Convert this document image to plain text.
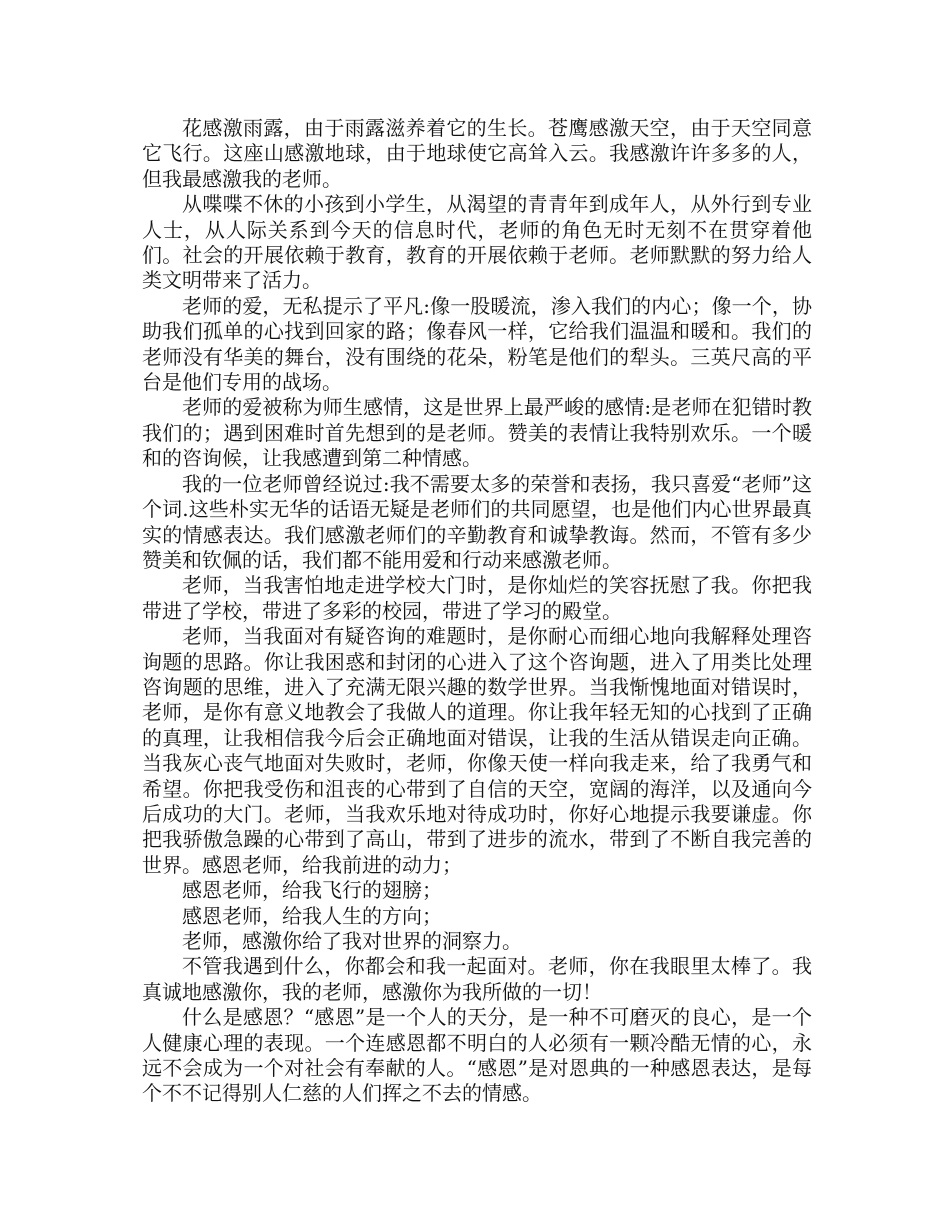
花感激雨露，由于雨露滋养着它的生长。苍鹰感激天空，由于天空同意它飞行。这座山感激地球，由于地球使它高耸入云。我感激许许多多的人，但我最感激我的老师。

从喋喋不休的小孩到小学生，从渴望的青青年到成年人，从外行到专业人士，从人际关系到今天的信息时代，老师的角色无时无刻不在贯穿着他们。社会的开展依赖于教育，教育的开展依赖于老师。老师默默的努力给人类文明带来了活力。

老师的爱，无私提示了平凡:像一股暖流，渗入我们的内心；像一个，协助我们孤单的心找到回家的路；像春风一样，它给我们温温和暖和。我们的老师没有华美的舞台，没有围绕的花朵，粉笔是他们的犁头。三英尺高的平台是他们专用的战场。

老师的爱被称为师生感情，这是世界上最严峻的感情:是老师在犯错时教我们的；遇到困难时首先想到的是老师。赞美的表情让我特别欢乐。一个暖和的咨询候，让我感遭到第二种情感。

我的一位老师曾经说过:我不需要太多的荣誉和表扬，我只喜爱“老师”这个词.这些朴实无华的话语无疑是老师们的共同愿望，也是他们内心世界最真实的情感表达。我们感激老师们的辛勤教育和诚挚教诲。然而，不管有多少赞美和钦佩的话，我们都不能用爱和行动来感激老师。

老师，当我害怕地走进学校大门时，是你灿烂的笑容抚慰了我。你把我带进了学校，带进了多彩的校园，带进了学习的殿堂。

老师，当我面对有疑咨询的难题时，是你耐心而细心地向我解释处理咨询题的思路。你让我困惑和封闭的心进入了这个咨询题，进入了用类比处理咨询题的思维，进入了充满无限兴趣的数学世界。当我惭愧地面对错误时，老师，是你有意义地教会了我做人的道理。你让我年轻无知的心找到了正确的真理，让我相信我今后会正确地面对错误，让我的生活从错误走向正确。当我灰心丧气地面对失败时，老师，你像天使一样向我走来，给了我勇气和希望。你把我受伤和沮丧的心带到了自信的天空，宽阔的海洋，以及通向今后成功的大门。老师，当我欢乐地对待成功时，你好心地提示我要谦虚。你把我骄傲急躁的心带到了高山，带到了进步的流水，带到了不断自我完善的世界。感恩老师，给我前进的动力；

感恩老师，给我飞行的翅膀；

感恩老师，给我人生的方向；

老师，感激你给了我对世界的洞察力。

不管我遇到什么，你都会和我一起面对。老师，你在我眼里太棒了。我真诚地感激你，我的老师，感激你为我所做的一切！

什么是感恩？“感恩”是一个人的天分，是一种不可磨灭的良心，是一个人健康心理的表现。一个连感恩都不明白的人必须有一颗冷酷无情的心，永远不会成为一个对社会有奉献的人。“感恩”是对恩典的一种感恩表达，是每个不不记得别人仁慈的人们挥之不去的情感。
